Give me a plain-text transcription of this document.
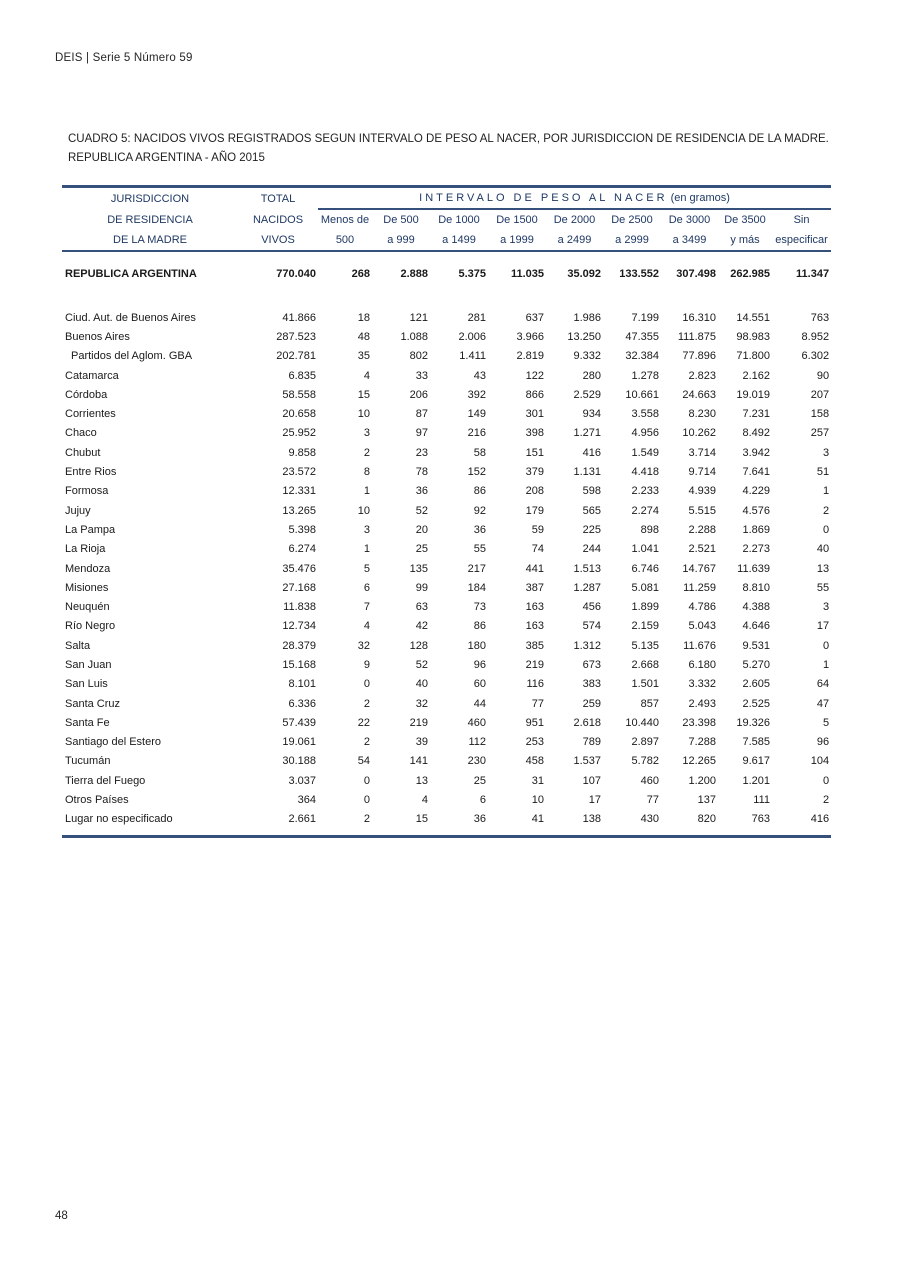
DEIS | Serie 5 Número 59
CUADRO 5: NACIDOS VIVOS REGISTRADOS SEGUN INTERVALO DE PESO AL NACER, POR JURISDICCION DE RESIDENCIA DE LA MADRE.
REPUBLICA ARGENTINA - AÑO 2015
JURISDICCION	TOTAL	INTERVALO DE PESO AL NACER (en gramos)								
DE RESIDENCIA	NACIDOS	Menos de	De 500	De 1000	De 1500	De 2000	De 2500	De 3000	De 3500	Sin
DE LA MADRE	VIVOS	500	a 999	a 1499	a 1999	a 2499	a 2999	a 3499	y más	especificar
REPUBLICA ARGENTINA	770.040	268	2.888	5.375	11.035	35.092	133.552	307.498	262.985	11.347

Ciud. Aut. de Buenos Aires	41.866	18	121	281	637	1.986	7.199	16.310	14.551	763
Buenos Aires	287.523	48	1.088	2.006	3.966	13.250	47.355	111.875	98.983	8.952
Partidos del Aglom. GBA	202.781	35	802	1.411	2.819	9.332	32.384	77.896	71.800	6.302
Catamarca	6.835	4	33	43	122	280	1.278	2.823	2.162	90
Córdoba	58.558	15	206	392	866	2.529	10.661	24.663	19.019	207
Corrientes	20.658	10	87	149	301	934	3.558	8.230	7.231	158
Chaco	25.952	3	97	216	398	1.271	4.956	10.262	8.492	257
Chubut	9.858	2	23	58	151	416	1.549	3.714	3.942	3
Entre Rios	23.572	8	78	152	379	1.131	4.418	9.714	7.641	51
Formosa	12.331	1	36	86	208	598	2.233	4.939	4.229	1
Jujuy	13.265	10	52	92	179	565	2.274	5.515	4.576	2
La Pampa	5.398	3	20	36	59	225	898	2.288	1.869	0
La Rioja	6.274	1	25	55	74	244	1.041	2.521	2.273	40
Mendoza	35.476	5	135	217	441	1.513	6.746	14.767	11.639	13
Misiones	27.168	6	99	184	387	1.287	5.081	11.259	8.810	55
Neuquén	11.838	7	63	73	163	456	1.899	4.786	4.388	3
Río Negro	12.734	4	42	86	163	574	2.159	5.043	4.646	17
Salta	28.379	32	128	180	385	1.312	5.135	11.676	9.531	0
San Juan	15.168	9	52	96	219	673	2.668	6.180	5.270	1
San Luis	8.101	0	40	60	116	383	1.501	3.332	2.605	64
Santa Cruz	6.336	2	32	44	77	259	857	2.493	2.525	47
Santa Fe	57.439	22	219	460	951	2.618	10.440	23.398	19.326	5
Santiago del Estero	19.061	2	39	112	253	789	2.897	7.288	7.585	96
Tucumán	30.188	54	141	230	458	1.537	5.782	12.265	9.617	104
Tierra del Fuego	3.037	0	13	25	31	107	460	1.200	1.201	0
Otros Países	364	0	4	6	10	17	77	137	111	2
Lugar no especificado	2.661	2	15	36	41	138	430	820	763	416

48
